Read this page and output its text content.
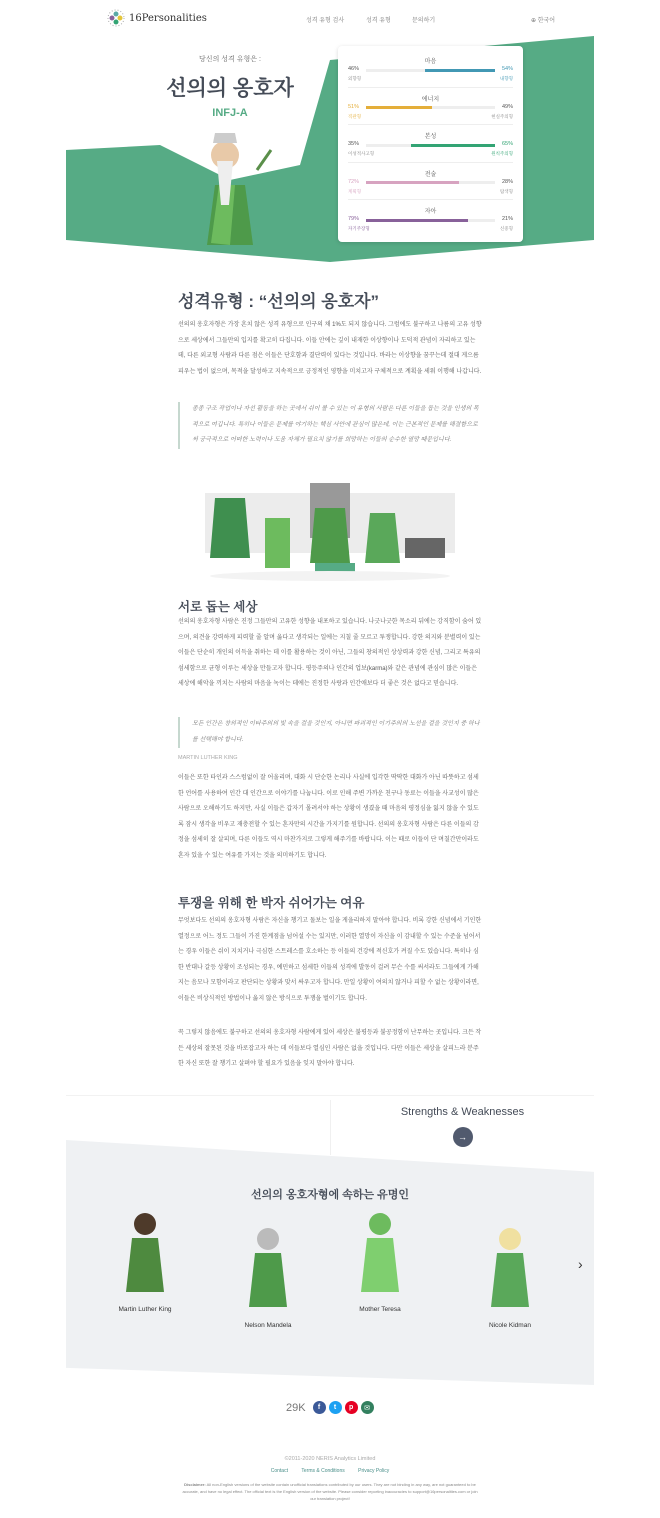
16Personalities	성격 유형 검사	성격 유형	문의하기	⊕ 한국어
당신의 성격 유형은 :
선의의 옹호자
INFJ-A
마음
46%	54%
외향형	내향형
에너지
51%	49%
직관형	현실주의형
본성
35%	65%
이성적사고형	원칙주의형
전술
72%	28%
계획형	탐색형
자아
79%	21%
자기주장형	신중형
성격유형 : “선의의 옹호자”

선의의 옹호자형은 가장 흔치 않은 성격 유형으로 인구의 채 1%도 되지 않습니다. 그럼에도 불구하고 나름의 고유 성향으로 세상에서 그들만의 입지를 확고히 다집니다. 이들 안에는 깊이 내재한 이상향이나 도덕적 관념이 자리하고 있는데, 다른 외교형 사람과 다른 점은 이들은 단호함과 결단력이 있다는 것입니다. 바라는 이상향을 꿈꾸는데 절대 게으름 피우는 법이 없으며, 목적을 달성하고 지속적으로 긍정적인 영향을 미치고자 구체적으로 계획을 세워 이행해 나갑니다.

종종 구조 작업이나 자선 활동을 하는 곳에서 쉬이 볼 수 있는 이 유형의 사람은 다른 이들을 돕는 것을 인생의 목적으로 여깁니다. 특히나 이들은 문제를 야기하는 핵심 사안에 관심이 많은데, 이는 근본적인 문제를 해결함으로써 궁극적으로 어떠한 노력이나 도움 자체가 필요치 않기를 희망하는 이들의 순수한 열망 때문입니다.
서로 돕는 세상

선의의 옹호자형 사람은 진정 그들만의 고유한 성향을 내포하고 있습니다. 나긋나긋한 목소리 뒤에는 강직함이 숨어 있으며, 의견을 강력하게 피력할 줄 알며 옳다고 생각되는 일에는 지칠 줄 모르고 투쟁합니다. 강한 의지와 분별력이 있는 이들은 단순히 개인의 이득을 취하는 데 이를 활용하는 것이 아닌, 그들의 창의적인 상상력과 강한 신념, 그리고 특유의 섬세함으로 균형 이루는 세상을 만들고자 합니다. 평등주의나 인간의 업보(karma)와 같은 관념에 관심이 많은 이들은 세상에 해악을 끼치는 사람의 마음을 녹이는 데에는 진정한 사랑과 인간애보다 더 좋은 것은 없다고 믿습니다.

모든 인간은 창의적인 이타주의의 빛 속을 걸을 것인지, 아니면 파괴적인 이기주의의 노선을 걸을 것인지 중 하나를 선택해야 합니다.
MARTIN LUTHER KING

이들은 또한 타인과 스스럼없이 잘 어울리며, 대화 시 단순한 논리나 사실에 입각한 딱딱한 대화가 아닌 따뜻하고 섬세한 언어를 사용하여 인간 대 인간으로 이야기를 나눕니다. 이로 인해 주변 가까운 친구나 동료는 이들을 사교성이 많은 사람으로 오해하기도 하지만, 사실 이들은 갑자기 몰려서야 하는 상황이 생겼을 때 마음의 평정심을 잃지 않을 수 있도록 잠시 생각을 비우고 재충전할 수 있는 혼자만의 시간을 가지기를 원합니다. 선의의 옹호자형 사람은 다른 이들의 감정을 섬세히 잘 살피며, 다른 이들도 역시 마찬가지로 그렇게 해주기를 바랍니다. 이는 때로 이들이 단 며칠간만이라도 혼자 있을 수 있는 여유를 가지는 것을 의미하기도 합니다.

투쟁을 위해 한 박자 쉬어가는 여유

무엇보다도 선의의 옹호자형 사람은 자신을 챙기고 돌보는 일을 게을리하지 말아야 합니다. 비록 강한 신념에서 기인한 열정으로 어느 정도 그들이 가진 한계점을 넘어설 수는 있지만, 이러한 열망이 자신을 이 감내할 수 있는 수준을 넘어서는 경우 이들은 쉬이 지치거나 극심한 스트레스를 호소하는 등 이들의 건강에 적신호가 켜질 수도 있습니다. 특히나 심한 반대나 갈등 상황이 조성되는 경우, 예민하고 섬세한 이들의 성격에 발동이 걸려 무슨 수를 써서라도 그들에게 가해지는 음모나 모함이라고 판단되는 상황과 맞서 싸우고자 합니다. 만일 상황이 여의치 않거나 피할 수 없는 상황이라면, 이들은 비상식적인 방법이나 옳지 않은 방식으로 투쟁을 벌이기도 합니다.

꼭 그렇지 않음에도 불구하고 선의의 옹호자형 사람에게 있어 세상은 불평등과 불공정함이 난무하는 곳입니다. 크든 작든 세상의 잘못된 것을 바로잡고자 하는 데 이들보다 열심인 사람은 없을 것입니다. 다만 이들은 세상을 살피느라 분주한 자신 또한 잘 챙기고 살펴야 할 필요가 있음을 잊지 말아야 합니다.

Strengths & Weaknesses
→
선의의 옹호자형에 속하는 유명인
Martin Luther King
Nelson Mandela
Mother Teresa
Nicole Kidman
›
29K	f	t	p	✉
©2011-2020 NERIS Analytics Limited
Contact	Terms & Conditions	Privacy Policy
Disclaimer: All non-English versions of the website contain unofficial translations contributed by our users. They are not binding in any way, are not guaranteed to be accurate, and have no legal effect. The official text is the English version of the website. Please consider reporting inaccuracies to support@16personalities.com or join our translation project!
